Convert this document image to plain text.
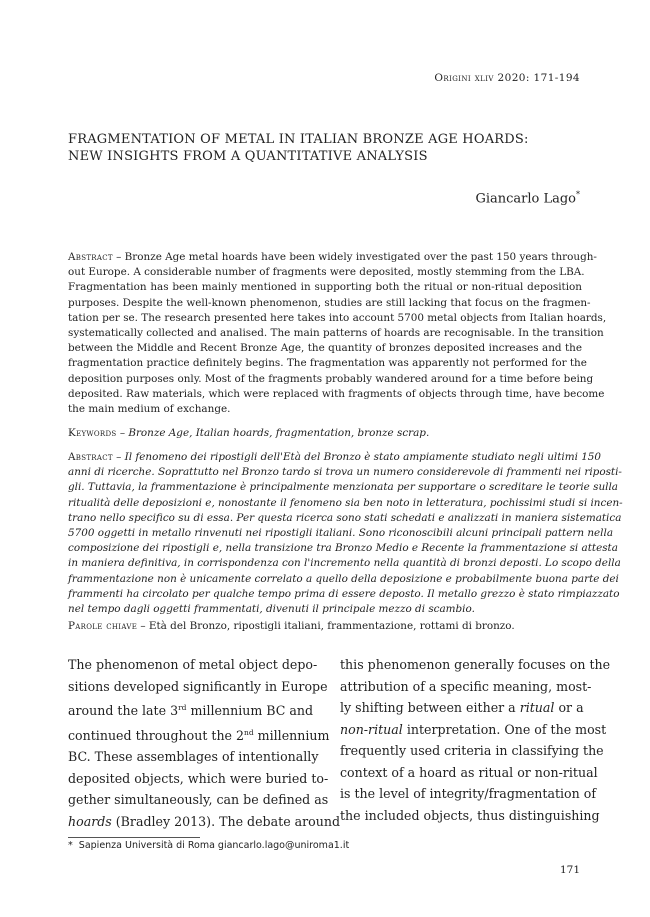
Origini xliv 2020: 171-194
FRAGMENTATION OF METAL IN ITALIAN BRONZE AGE HOARDS:
NEW INSIGHTS FROM A QUANTITATIVE ANALYSIS
Giancarlo Lago*
Abstract – Bronze Age metal hoards have been widely investigated over the past 150 years through-
out Europe. A considerable number of fragments were deposited, mostly stemming from the LBA.
Fragmentation has been mainly mentioned in supporting both the ritual or non-ritual deposition
purposes. Despite the well-known phenomenon, studies are still lacking that focus on the fragmen-
tation per se. The research presented here takes into account 5700 metal objects from Italian hoards,
systematically collected and analised. The main patterns of hoards are recognisable. In the transition
between the Middle and Recent Bronze Age, the quantity of bronzes deposited increases and the
fragmentation practice definitely begins. The fragmentation was apparently not performed for the
deposition purposes only. Most of the fragments probably wandered around for a time before being
deposited. Raw materials, which were replaced with fragments of objects through time, have become
the main medium of exchange.
Keywords – Bronze Age, Italian hoards, fragmentation, bronze scrap.
Abstract – Il fenomeno dei ripostigli dell'Età del Bronzo è stato ampiamente studiato negli ultimi 150
anni di ricerche. Soprattutto nel Bronzo tardo si trova un numero considerevole di frammenti nei riposti-
gli. Tuttavia, la frammentazione è principalmente menzionata per supportare o screditare le teorie sulla
ritualità delle deposizioni e, nonostante il fenomeno sia ben noto in letteratura, pochissimi studi si incen-
trano nello specifico su di essa. Per questa ricerca sono stati schedati e analizzati in maniera sistematica
5700 oggetti in metallo rinvenuti nei ripostigli italiani. Sono riconoscibili alcuni principali pattern nella
composizione dei ripostigli e, nella transizione tra Bronzo Medio e Recente la frammentazione si attesta
in maniera definitiva, in corrispondenza con l'incremento nella quantità di bronzi deposti. Lo scopo della
frammentazione non è unicamente correlato a quello della deposizione e probabilmente buona parte dei
frammenti ha circolato per qualche tempo prima di essere deposto. Il metallo grezzo è stato rimpiazzato
nel tempo dagli oggetti frammentati, divenuti il principale mezzo di scambio.
Parole chiave – Età del Bronzo, ripostigli italiani, frammentazione, rottami di bronzo.
The phenomenon of metal object depo-
sitions developed significantly in Europe
around the late 3rd millennium BC and
continued throughout the 2nd millennium
BC. These assemblages of intentionally
deposited objects, which were buried to-
gether simultaneously, can be defined as
hoards (Bradley 2013). The debate around
this phenomenon generally focuses on the
attribution of a specific meaning, most-
ly shifting between either a ritual or a
non-ritual interpretation. One of the most
frequently used criteria in classifying the
context of a hoard as ritual or non-ritual
is the level of integrity/fragmentation of
the included objects, thus distinguishing
* Sapienza Università di Roma giancarlo.lago@uniroma1.it
171
